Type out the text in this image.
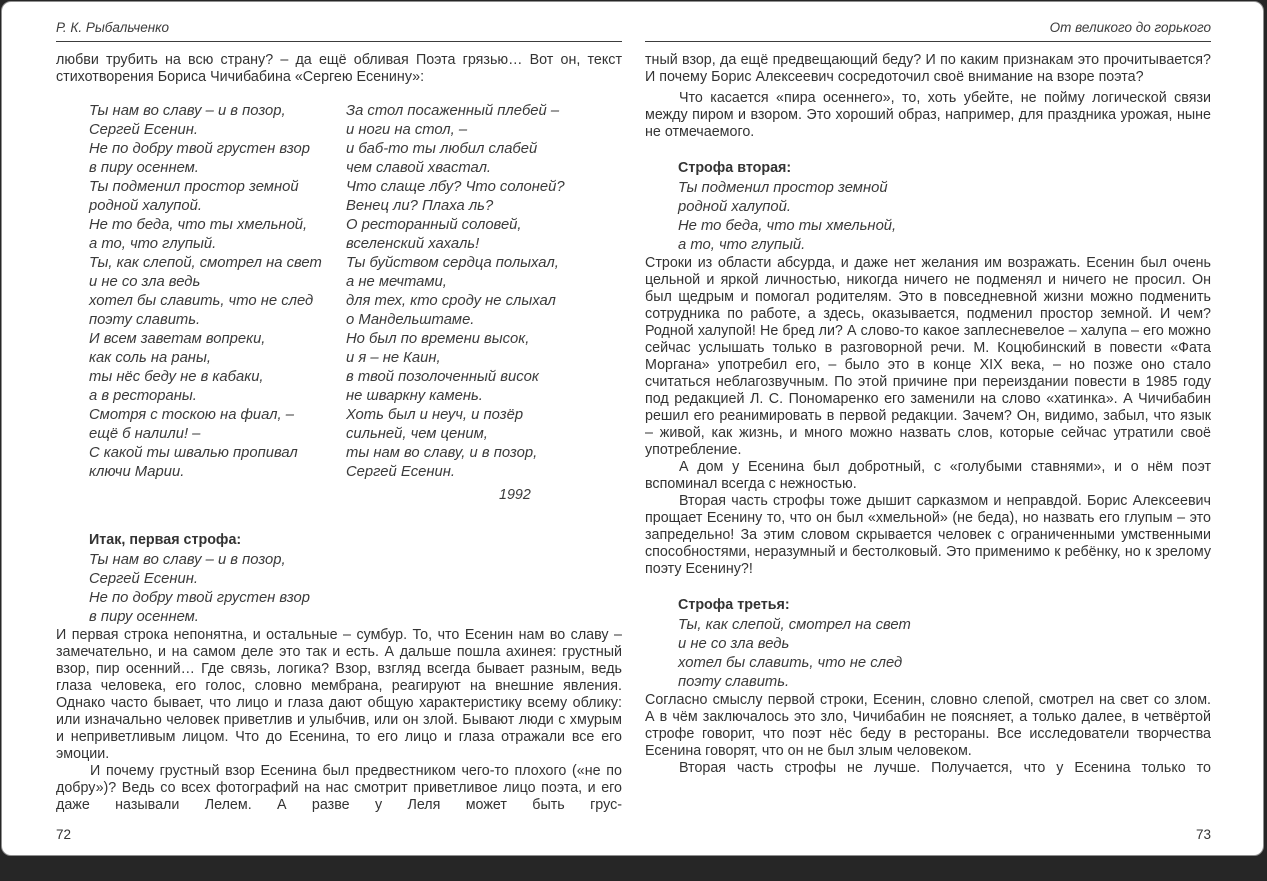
Р. К. Рыбальченко

любви трубить на всю страну? – да ещё обливая Поэта грязью… Вот он, текст стихотворения Бориса Чичибабина «Сергею Есенину»:

Ты нам во славу – и в позор,
Сергей Есенин.
Не по добру твой грустен взор
в пиру осеннем.
Ты подменил простор земной
родной халупой.
Не то беда, что ты хмельной,
а то, что глупый.
Ты, как слепой, смотрел на свет
и не со зла ведь
хотел бы славить, что не след
поэту славить.
И всем заветам вопреки,
как соль на раны,
ты нёс беду не в кабаки,
а в рестораны.
Смотря с тоскою на фиал, –
ещё б налили! –
С какой ты швалью пропивал
ключи Марии.
За стол посаженный плебей –
и ноги на стол, –
и баб-то ты любил слабей
чем славой хвастал.
Что слаще лбу? Что солоней?
Венец ли? Плаха ль?
О ресторанный соловей,
вселенский хахаль!
Ты буйством сердца полыхал,
а не мечтами,
для тех, кто сроду не слыхал
о Мандельштаме.
Но был по времени высок,
и я – не Каин,
в твой позолоченный висок
не шваркну камень.
Хоть был и неуч, и позёр
сильней, чем ценим,
ты нам во славу, и в позор,
Сергей Есенин.
1992
Итак, первая строфа:
Ты нам во славу – и в позор,
Сергей Есенин.
Не по добру твой грустен взор
в пиру осеннем.

И первая строка непонятна, и остальные – сумбур. То, что Есенин нам во славу – замечательно, и на самом деле это так и есть. А дальше пошла ахинея: грустный взор, пир осенний… Где связь, логика? Взор, взгляд всегда бывает разным, ведь глаза человека, его голос, словно мембрана, реагируют на внешние явления. Однако часто бывает, что лицо и глаза дают общую характеристику всему облику: или изначально человек приветлив и улыбчив, или он злой. Бывают люди с хмурым и неприветливым лицом. Что до Есенина, то его лицо и глаза отражали все его эмоции.

И почему грустный взор Есенина был предвестником чего-то плохого («не по добру»)? Ведь со всех фотографий на нас смотрит приветливое лицо поэта, и его даже называли Лелем. А разве у Леля может быть грус-

72
От великого до горького

тный взор, да ещё предвещающий беду? И по каким признакам это прочитывается? И почему Борис Алексеевич сосредоточил своё внимание на взоре поэта?

Что касается «пира осеннего», то, хоть убейте, не пойму логической связи между пиром и взором. Это хороший образ, например, для праздника урожая, ныне не отмечаемого.

Строфа вторая:
Ты подменил простор земной
родной халупой.
Не то беда, что ты хмельной,
а то, что глупый.

Строки из области абсурда, и даже нет желания им возражать. Есенин был очень цельной и яркой личностью, никогда ничего не подменял и ничего не просил. Он был щедрым и помогал родителям. Это в повседневной жизни можно подменить сотрудника по работе, а здесь, оказывается, подменил простор земной. И чем? Родной халупой! Не бред ли? А слово-то какое заплесневелое – халупа – его можно сейчас услышать только в разговорной речи. М. Коцюбинский в повести «Фата Моргана» употребил его, – было это в конце XIX века, – но позже оно стало считаться неблагозвучным. По этой причине при переиздании повести в 1985 году под редакцией Л. С. Пономаренко его заменили на слово «хатинка». А Чичибабин решил его реанимировать в первой редакции. Зачем? Он, видимо, забыл, что язык – живой, как жизнь, и много можно назвать слов, которые сейчас утратили своё употребление.

А дом у Есенина был добротный, с «голубыми ставнями», и о нём поэт вспоминал всегда с нежностью.

Вторая часть строфы тоже дышит сарказмом и неправдой. Борис Алексеевич прощает Есенину то, что он был «хмельной» (не беда), но назвать его глупым – это запредельно! За этим словом скрывается человек с ограниченными умственными способностями, неразумный и бестолковый. Это применимо к ребёнку, но к зрелому поэту Есенину?!

Строфа третья:
Ты, как слепой, смотрел на свет
и не со зла ведь
хотел бы славить, что не след
поэту славить.

Согласно смыслу первой строки, Есенин, словно слепой, смотрел на свет со злом. А в чём заключалось это зло, Чичибабин не поясняет, а только далее, в четвёртой строфе говорит, что поэт нёс беду в рестораны. Все исследователи творчества Есенина говорят, что он не был злым человеком.

Вторая часть строфы не лучше. Получается, что у Есенина только то

73
